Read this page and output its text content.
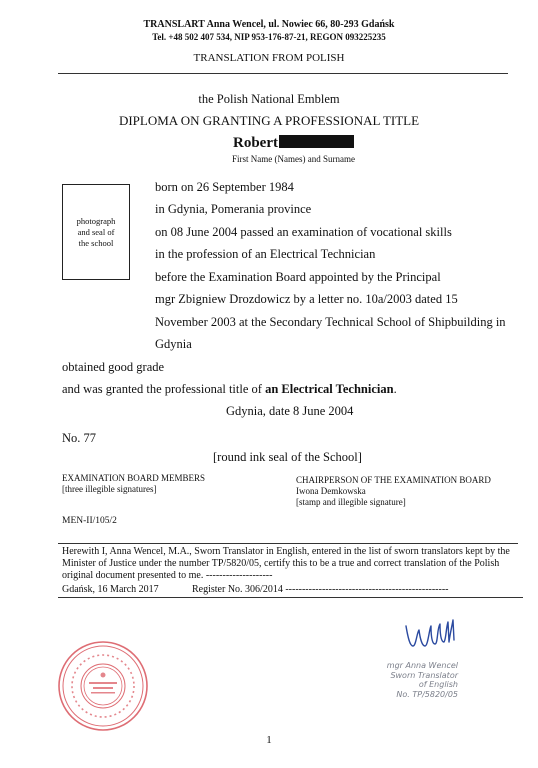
TRANSLART Anna Wencel, ul. Nowiec 66, 80-293 Gdańsk
Tel. +48 502 407 534, NIP 953-176-87-21, REGON 093225235
TRANSLATION FROM POLISH
the Polish National Emblem
DIPLOMA ON GRANTING A PROFESSIONAL TITLE
Robert
First Name (Names) and Surname
photograph
and seal of
the school
born on 26 September 1984
in Gdynia, Pomerania province
on 08 June 2004 passed an examination of vocational skills
in the profession of an Electrical Technician
before the Examination Board appointed by the Principal
mgr Zbigniew Drozdowicz by a letter no. 10a/2003 dated 15
November 2003 at the Secondary Technical School of Shipbuilding in
Gdynia
obtained good grade
and was granted the professional title of an Electrical Technician.
Gdynia, date 8 June 2004
No. 77
[round ink seal of the School]
EXAMINATION BOARD MEMBERS
[three illegible signatures]
CHAIRPERSON OF THE EXAMINATION BOARD
Iwona Demkowska
[stamp and illegible signature]
MEN-II/105/2
Herewith I, Anna Wencel, M.A., Sworn Translator in English, entered in the list of sworn translators kept by the Minister of Justice under the number TP/5820/05, certify this to be a true and correct translation of the Polish original document presented to me. --------------------
Gdańsk, 16 March 2017	Register No. 306/2014 -------------------------------------------------
mgr Anna Wencel
Sworn Translator
of English
No. TP/5820/05
1
